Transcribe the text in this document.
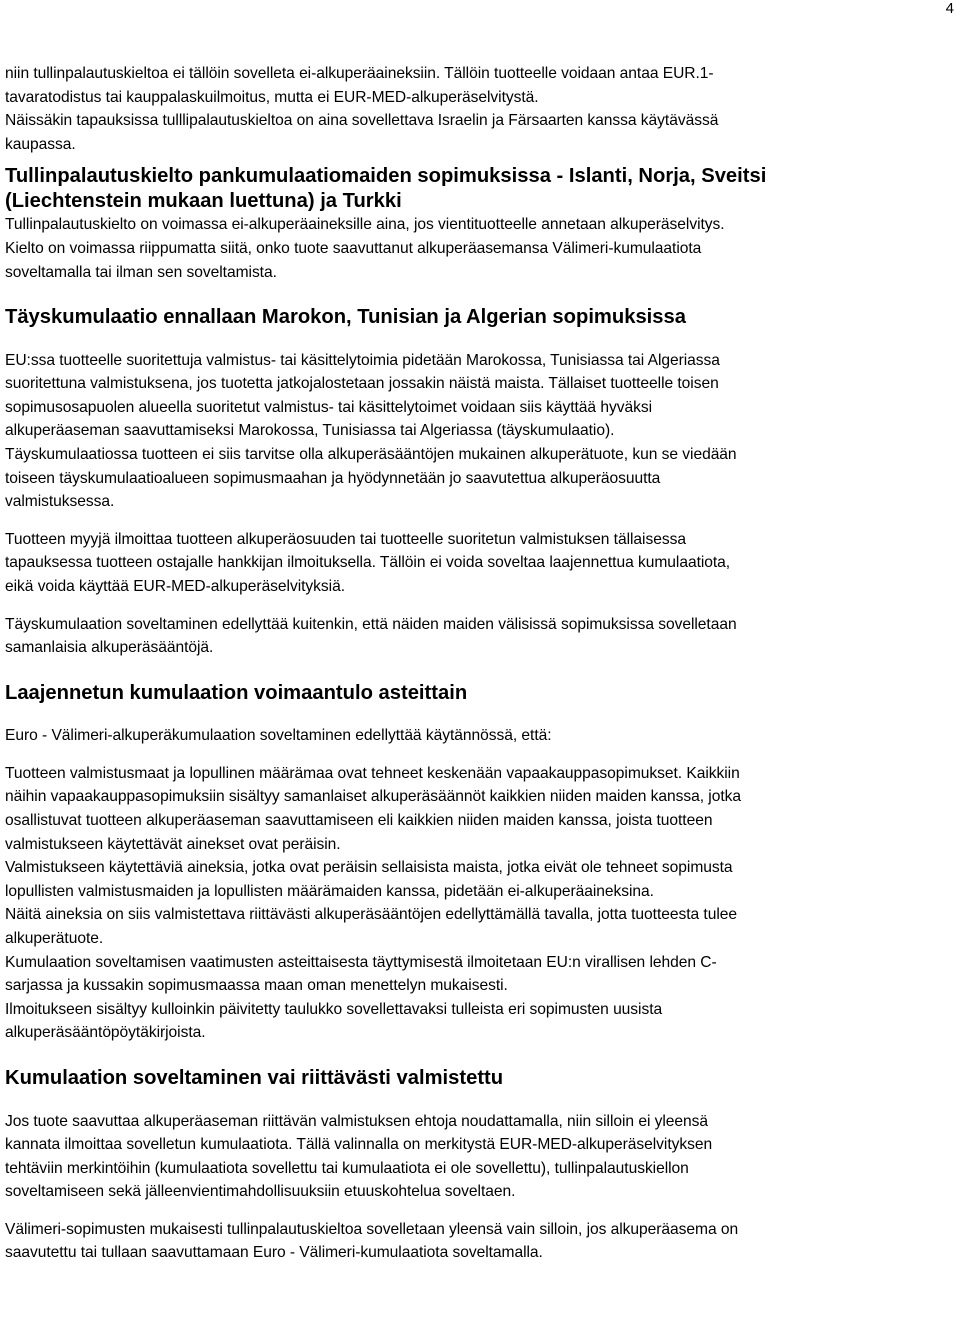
4

niin tullinpalautuskieltoa ei tällöin sovelleta ei-alkuperäaineksiin. Tällöin tuotteelle voidaan antaa EUR.1-
tavaratodistus tai kauppalaskuilmoitus, mutta ei EUR-MED-alkuperäselvitystä.
Näissäkin tapauksissa tulllipalautuskieltoa on aina sovellettava Israelin ja Färsaarten kanssa käytävässä
kaupassa.

Tullinpalautuskielto pankumulaatiomaiden sopimuksissa - Islanti, Norja, Sveitsi
(Liechtenstein mukaan luettuna) ja Turkki

Tullinpalautuskielto on voimassa ei-alkuperäaineksille aina, jos vientituotteelle annetaan alkuperäselvitys.
Kielto on voimassa riippumatta siitä, onko tuote saavuttanut alkuperäasemansa Välimeri-kumulaatiota
soveltamalla tai ilman sen soveltamista.

Täyskumulaatio ennallaan Marokon, Tunisian ja Algerian sopimuksissa

EU:ssa tuotteelle suoritettuja valmistus- tai käsittelytoimia pidetään Marokossa, Tunisiassa tai Algeriassa
suoritettuna valmistuksena, jos tuotetta jatkojalostetaan jossakin näistä maista. Tällaiset tuotteelle toisen
sopimusosapuolen alueella suoritetut valmistus- tai käsittelytoimet voidaan siis käyttää hyväksi
alkuperäaseman saavuttamiseksi Marokossa, Tunisiassa tai Algeriassa (täyskumulaatio).
Täyskumulaatiossa tuotteen ei siis tarvitse olla alkuperäsääntöjen mukainen alkuperätuote, kun se viedään
toiseen täyskumulaatioalueen sopimusmaahan ja hyödynnetään jo saavutettua alkuperäosuutta
valmistuksessa.

Tuotteen myyjä ilmoittaa tuotteen alkuperäosuuden tai tuotteelle suoritetun valmistuksen tällaisessa
tapauksessa tuotteen ostajalle hankkijan ilmoituksella. Tällöin ei voida soveltaa laajennettua kumulaatiota,
eikä voida käyttää EUR-MED-alkuperäselvityksiä.

Täyskumulaation soveltaminen edellyttää kuitenkin, että näiden maiden välisissä sopimuksissa sovelletaan
samanlaisia alkuperäsääntöjä.

Laajennetun kumulaation voimaantulo asteittain

Euro - Välimeri-alkuperäkumulaation soveltaminen edellyttää käytännössä, että:

Tuotteen valmistusmaat ja lopullinen määrämaa ovat tehneet keskenään vapaakauppasopimukset. Kaikkiin
näihin vapaakauppasopimuksiin sisältyy samanlaiset alkuperäsäännöt kaikkien niiden maiden kanssa, jotka
osallistuvat tuotteen alkuperäaseman saavuttamiseen eli kaikkien niiden maiden kanssa, joista tuotteen
valmistukseen käytettävät ainekset ovat peräisin.
Valmistukseen käytettäviä aineksia, jotka ovat peräisin sellaisista maista, jotka eivät ole tehneet sopimusta
lopullisten valmistusmaiden ja lopullisten määrämaiden kanssa, pidetään ei-alkuperäaineksina.
Näitä aineksia on siis valmistettava riittävästi alkuperäsääntöjen edellyttämällä tavalla, jotta tuotteesta tulee
alkuperätuote.
Kumulaation soveltamisen vaatimusten asteittaisesta täyttymisestä ilmoitetaan EU:n virallisen lehden C-
sarjassa ja kussakin sopimusmaassa maan oman menettelyn mukaisesti.
Ilmoitukseen sisältyy kulloinkin päivitetty taulukko sovellettavaksi tulleista eri sopimusten uusista
alkuperäsääntöpöytäkirjoista.

Kumulaation soveltaminen vai riittävästi valmistettu

Jos tuote saavuttaa alkuperäaseman riittävän valmistuksen ehtoja noudattamalla, niin silloin ei yleensä
kannata ilmoittaa sovelletun kumulaatiota. Tällä valinnalla on merkitystä EUR-MED-alkuperäselvityksen
tehtäviin merkintöihin (kumulaatiota sovellettu tai kumulaatiota ei ole sovellettu), tullinpalautuskiellon
soveltamiseen sekä jälleenvientimahdollisuuksiin etuuskohtelua soveltaen.

Välimeri-sopimusten mukaisesti tullinpalautuskieltoa sovelletaan yleensä vain silloin, jos alkuperäasema on
saavutettu tai tullaan saavuttamaan Euro - Välimeri-kumulaatiota soveltamalla.
